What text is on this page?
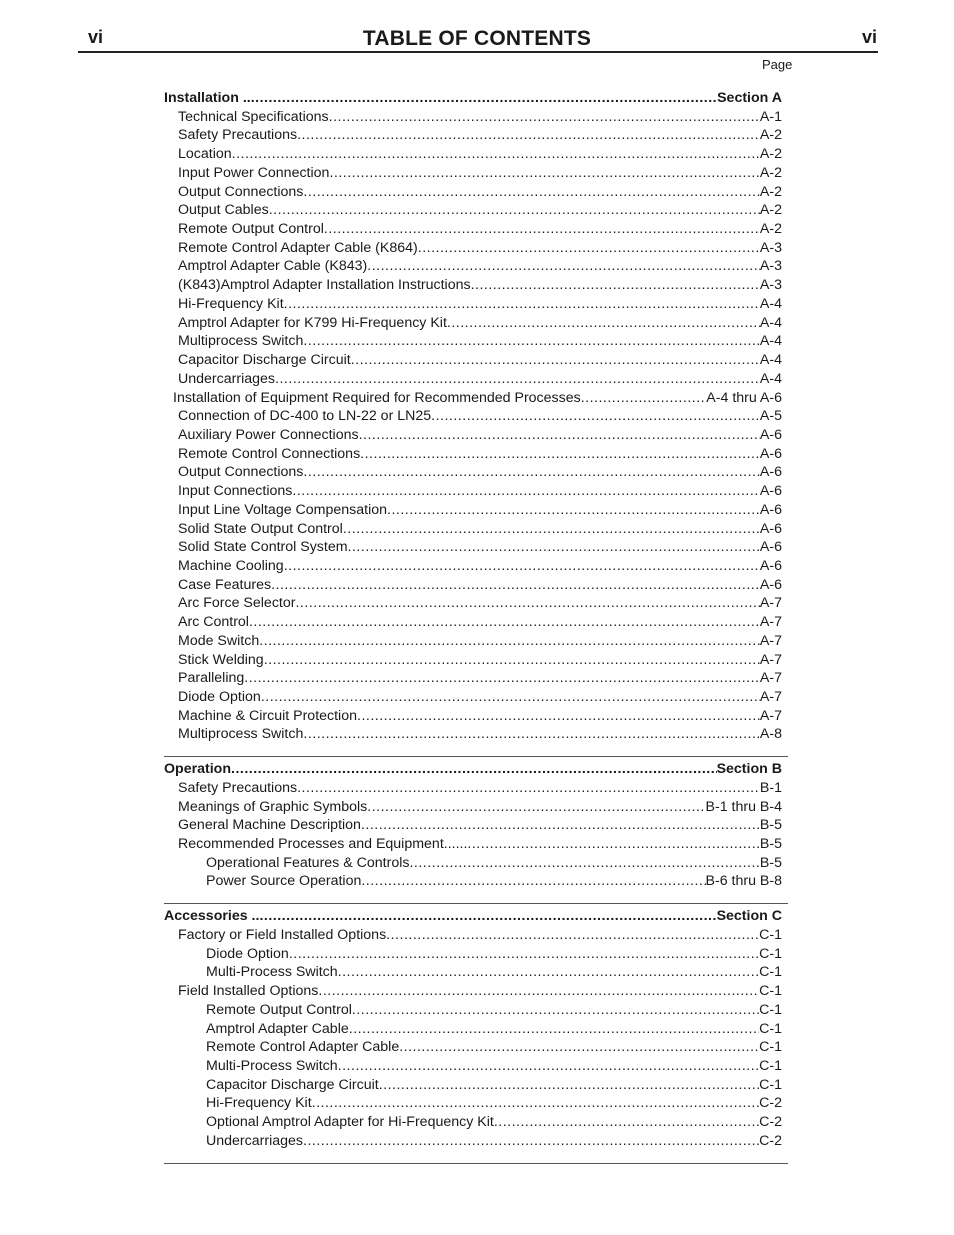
vi	TABLE OF CONTENTS	vi
Page
Installation .. .....	Section A
Technical Specifications .....	A-1
Safety Precautions .....	A-2
Location .....	A-2
Input Power Connection .....	A-2
Output Connections .....	A-2
Output Cables .....	A-2
Remote Output Control .....	A-2
Remote Control Adapter Cable (K864) .....	A-3
Amptrol Adapter Cable (K843) .....	A-3
(K843)Amptrol Adapter Installation Instructions .....	A-3
Hi-Frequency Kit .....	A-4
Amptrol Adapter for K799 Hi-Frequency Kit .....	A-4
Multiprocess Switch .....	A-4
Capacitor Discharge Circuit .....	A-4
Undercarriages .....	A-4
Installation of Equipment Required for Recommended Processes .....	A-4 thru A-6
Connection of DC-400 to LN-22 or LN25 .....	A-5
Auxiliary Power Connections .....	A-6
Remote Control Connections .....	A-6
Output Connections .....	A-6
Input Connections .....	A-6
Input Line Voltage Compensation .....	A-6
Solid State Output Control .....	A-6
Solid State Control System .....	A-6
Machine Cooling .....	A-6
Case Features .....	A-6
Arc Force Selector .....	A-7
Arc Control .....	A-7
Mode Switch .....	A-7
Stick Welding .....	A-7
Paralleling .....	A-7
Diode Option .....	A-7
Machine & Circuit Protection .....	A-7
Multiprocess Switch .....	A-8
Operation .....	Section B
Safety Precautions .....	B-1
Meanings of Graphic Symbols .....	B-1 thru B-4
General Machine Description .....	B-5
Recommended Processes and Equipment...... .....	B-5
Operational Features & Controls .....	B-5
Power Source Operation .....	B-6 thru B-8
Accessories .. .....	Section C
Factory or Field Installed Options .....	C-1
Diode Option .....	C-1
Multi-Process Switch .....	C-1
Field Installed Options .....	C-1
Remote Output Control .....	C-1
Amptrol Adapter Cable .....	C-1
Remote Control Adapter Cable .....	C-1
Multi-Process Switch .....	C-1
Capacitor Discharge Circuit .....	C-1
Hi-Frequency Kit .....	C-2
Optional Amptrol Adapter for Hi-Frequency Kit .....	C-2
Undercarriages .....	C-2
